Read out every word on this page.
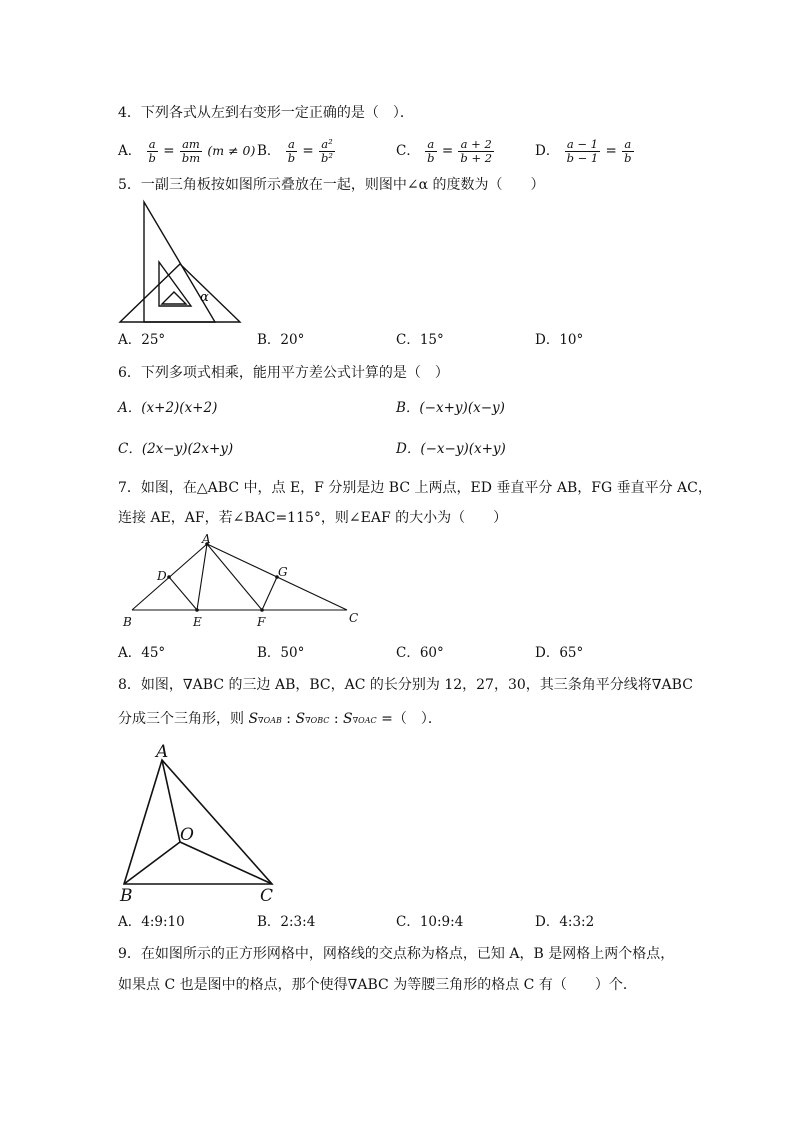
4．下列各式从左到右变形一定正确的是（　）．
A． $\frac{a}{b} = \frac{am}{bm} (m \ne 0)$ B． $\frac{a}{b} = \frac{\text{a²}}{\text{b²}}$	C． $\frac{a}{b} = \frac{a + 2}{b + 2}$	D． $\frac{a - 1}{b - 1} = \frac{a}{b}$
5．一副三角板按如图所示叠放在一起，则图中∠α 的度数为（　　）
α
A．25°	B．20°	C．15°	D．10°
6．下列多项式相乘，能用平方差公式计算的是（　）
A．(x+2)(x+2)	B．(−x+y)(x−y)
C．(2x−y)(2x+y)	D．(−x−y)(x+y)
7．如图，在△ABC 中，点 E，F 分别是边 BC 上两点，ED 垂直平分 AB，FG 垂直平分 AC，
连接 AE，AF，若∠BAC=115°，则∠EAF 的大小为（　　）
A
B	C
D
E	F
G
A．45°	B．50°	C．60°	D．65°
8．如图，∇ABC 的三边 AB，BC，AC 的长分别为 12，27，30，其三条角平分线将∇ABC
分成三个三角形，则 S∇OAB : S∇OBC : S∇OAC =（　）．
A
B	C
O
A．4:9:10	B．2:3:4	C．10:9:4	D．4:3:2
9．在如图所示的正方形网格中，网格线的交点称为格点，已知 A，B 是网格上两个格点，
如果点 C 也是图中的格点，那个使得∇ABC 为等腰三角形的格点 C 有（　　）个．
